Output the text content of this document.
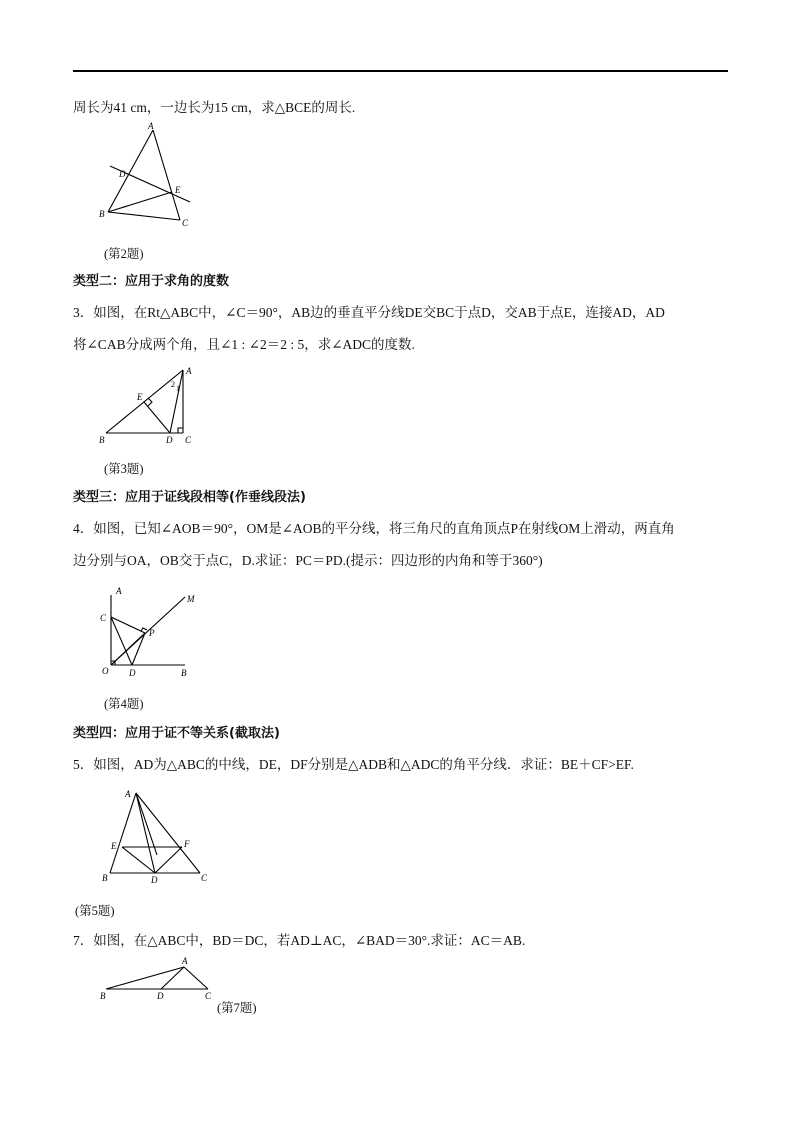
周长为41 cm，一边长为15 cm，求△BCE的周长.
A
B
C
D
E
(第2题)
类型二：应用于求角的度数
3．如图，在Rt△ABC中，∠C＝90°，AB边的垂直平分线DE交BC于点D，交AB于点E，连接AD，AD
将∠CAB分成两个角，且∠1 : ∠2＝2 : 5，求∠ADC的度数.
A
B	C
D
E
1
2
(第3题)
类型三：应用于证线段相等(作垂线段法)
4．如图，已知∠AOB＝90°，OM是∠AOB的平分线，将三角尺的直角顶点P在射线OM上滑动，两直角
边分别与OA，OB交于点C，D.求证：PC＝PD.(提示：四边形的内角和等于360°)
A
B
C
D
M
O
P
(第4题)
类型四：应用于证不等关系(截取法)
5．如图，AD为△ABC的中线，DE，DF分别是△ADB和△ADC的角平分线．求证：BE＋CF>EF.
A
B	C
D
E	F
(第5题)
7．如图，在△ABC中，BD＝DC，若AD⊥AC，∠BAD＝30°.求证：AC＝AB.
A
B	C
D
(第7题)
